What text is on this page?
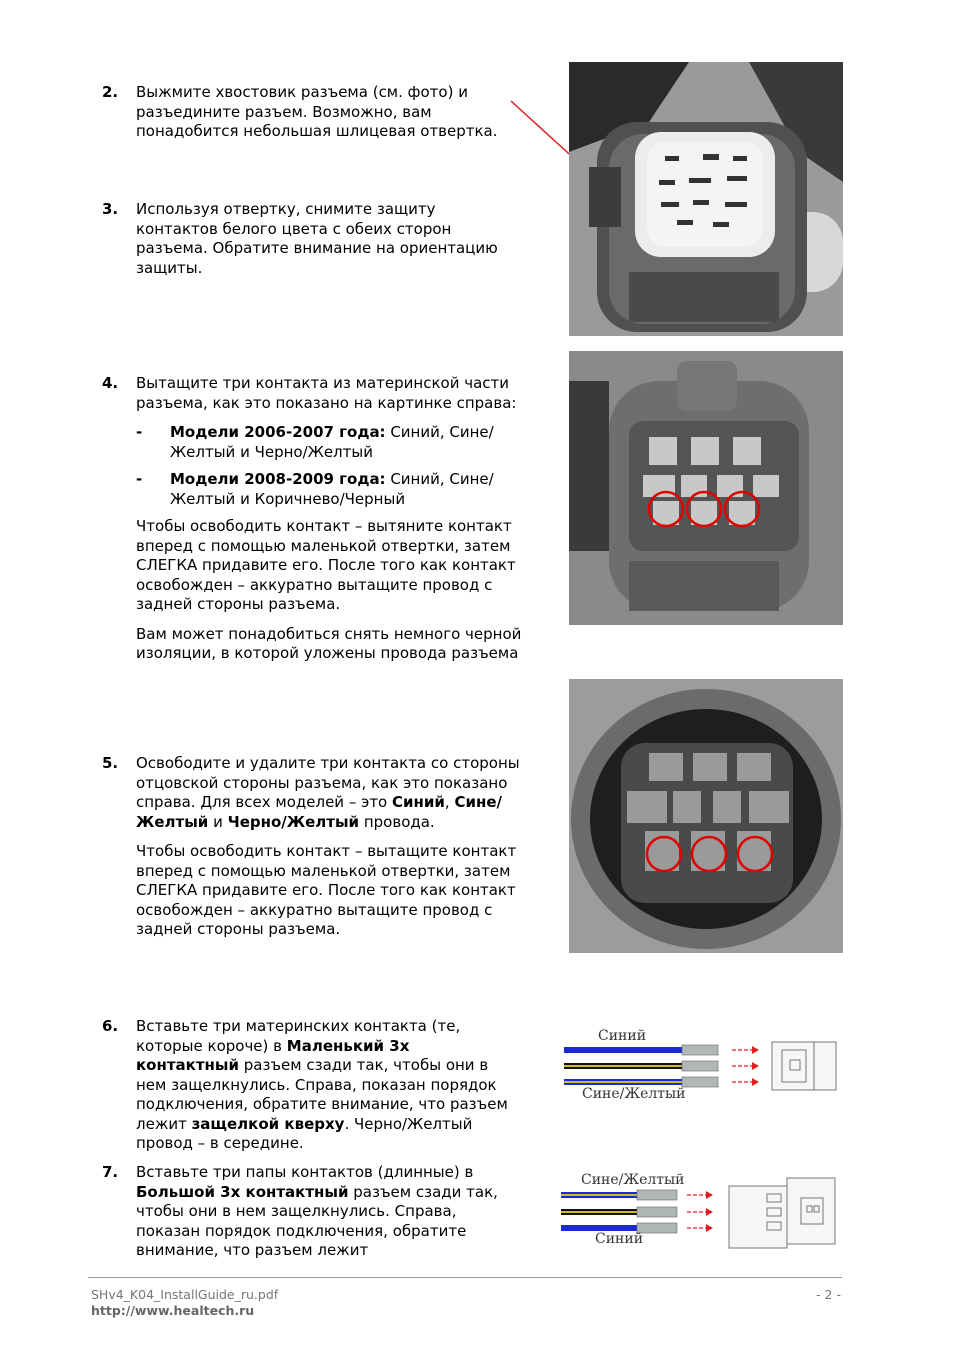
2.	Выжмите хвостовик разъема (см. фото) и разъедините разъем. Возможно, вам понадобится небольшая шлицевая отвертка.

3.	Используя отвертку, снимите защиту контактов белого цвета с обеих сторон разъема. Обратите внимание на ориентацию защиты.

4.	Вытащите три контакта из материнской части разъема, как это показано на картинке справа:

- Модели 2006-2007 года: Синий, Сине/Желтый и Черно/Желтый
- Модели 2008-2009 года: Синий, Сине/Желтый и Коричнево/Черный

Чтобы освободить контакт – вытяните контакт вперед с помощью маленькой отвертки, затем СЛЕГКА придавите его. После того как контакт освобожден – аккуратно вытащите провод с задней стороны разъема.

Вам может понадобиться снять немного черной изоляции, в которой уложены провода разъема

5.	Освободите и удалите три контакта со стороны отцовской стороны разъема, как это показано справа. Для всех моделей – это Синий, Сине/Желтый и Черно/Желтый провода.

Чтобы освободить контакт – вытащите контакт вперед с помощью маленькой отвертки, затем СЛЕГКА придавите его. После того как контакт освобожден – аккуратно вытащите провод с задней стороны разъема.

6.	Вставьте три материнских контакта (те, которые короче) в Маленький 3х контактный разъем сзади так, чтобы они в нем защелкнулись. Справа, показан порядок подключения, обратите внимание, что разъем лежит защелкой кверху. Черно/Желтый провод – в середине.

7.	Вставьте три папы контактов (длинные) в Большой 3х контактный разъем сзади так, чтобы они в нем защелкнулись. Справа, показан порядок подключения, обратите внимание, что разъем лежит

Синий
Сине/Желтый
Сине/Желтый
Синий
SHv4_K04_InstallGuide_ru.pdf
http://www.healtech.ru
- 2 -
